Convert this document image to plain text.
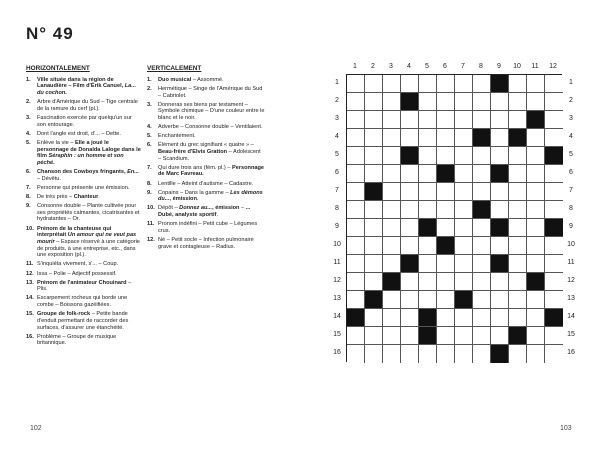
N° 49
HORIZONTALEMENT
1.	Ville située dans la région de Lanaudière – Film d'Érik Canuel, La... du cochon.
2.	Arbre d'Amérique du Sud – Tige centrale de la ramure du cerf (pl.).
3.	Fascination exercée par quelqu'un sur son entourage.
4.	Dont l'angle est droit, d'... – Dette.
5.	Enlève la vie – Elle a joué le personnage de Donalda Laloge dans le film Séraphin : un homme et son péché.
6.	Chanson des Cowboys fringants, En... – Dévêtu.
7.	Personne qui présente une émission.
8.	De très près – Chanteur.
9.	Consonne double – Plante cultivée pour ses propriétés calmantes, cicatrisantes et hydratantes – Or.
10. Prénom de la chanteuse qui interprétait Un amour qui ne veut pas mourir – Espace réservé à une catégorie de produits, à une entreprise, etc., dans une exposition (pl.).
11. S'inquiéta vivement, s'... – Coup.
12. Issa – Polie – Adjectif possessif.
13. Prénom de l'animateur Chouinard – Plis.
14. Escarpement rocheux qui borde une combe – Boissons gazéifiées.
15. Groupe de folk-rock – Petite bande d'enduit permettant de raccorder des surfaces, d'assurer une étanchéité.
16. Problème – Groupe de musique britannique.
VERTICALEMENT
1.	Duo musical – Assommé.
2.	Hermétique – Singe de l'Amérique du Sud – Cabriolet.
3.	Donneras ses biens par testament – Symbole chimique – D'une couleur entre le blanc et le noir.
4.	Adverbe – Consonne double – Ventilaient.
5.	Enchantement.
6.	Élément du grec signifiant « quatre » – Beau-frère d'Elvis Gratton – Adolescent – Scandium.
7.	Qui dure trois ans (fém. pl.) – Personnage de Marc Favreau.
8.	Lentille – Atteint d'autisme – Cadastre.
9.	Copains – Dans la gamme – Les démons du..., émission.
10. Dépôt – Donnez au..., émission – ... Dubé, analyste sportif.
11. Pronom indéfini – Petit cube – Légumes crus.
12. Né – Petit socle – Infection pulmonaire grave et contagieuse – Radius.
1	2	3	4	5	6	7	8	9	10	11	12
1	1
2	2
3	3
4	4
5	5
6	6
7	7
8	8
9	9
10	10
11	11
12	12
13	13
14	14
15	15
16	16
102	103
